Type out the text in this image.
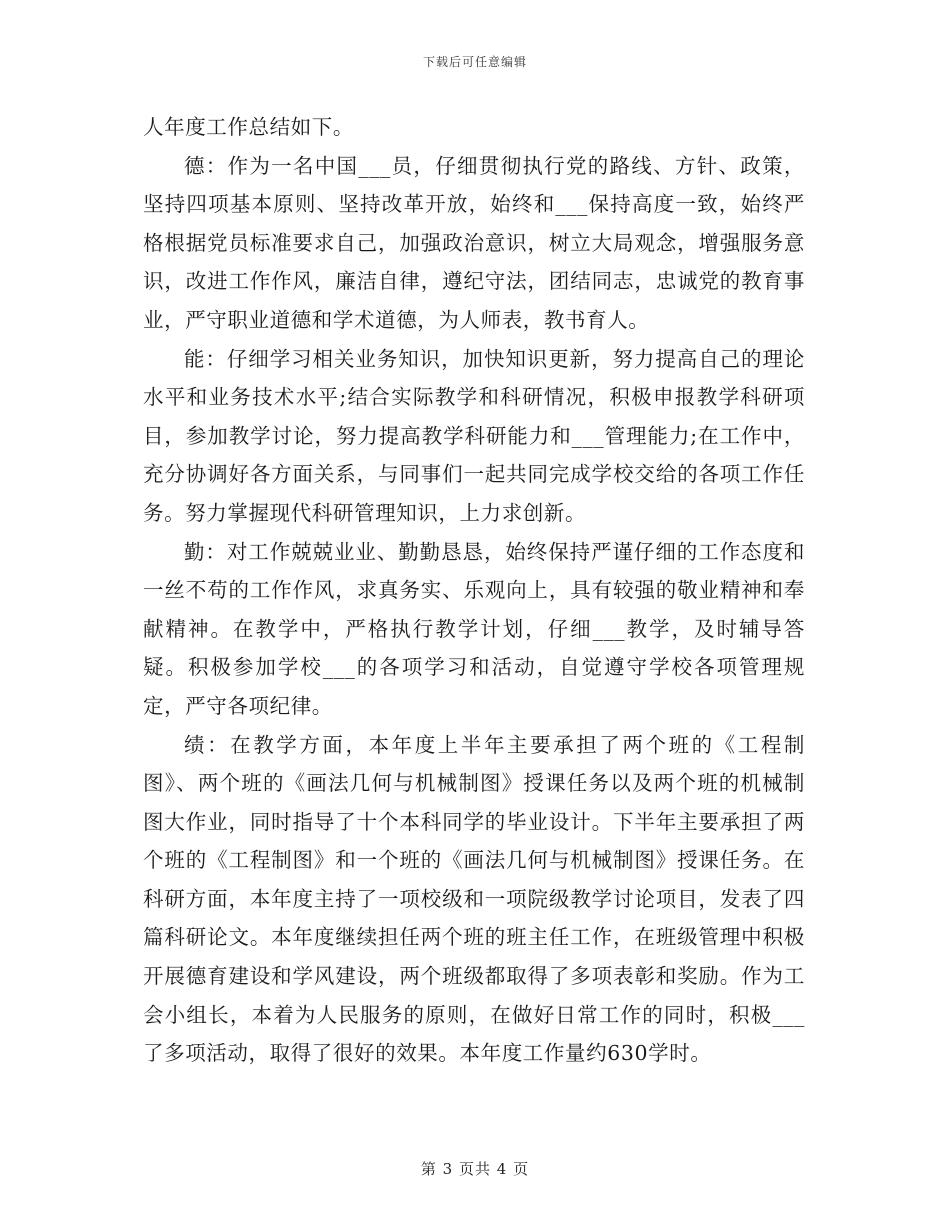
下载后可任意编辑

人年度工作总结如下。

德：作为一名中国___员，仔细贯彻执行党的路线、方针、政策，坚持四项基本原则、坚持改革开放，始终和___保持高度一致，始终严格根据党员标准要求自己，加强政治意识，树立大局观念，增强服务意识，改进工作作风，廉洁自律，遵纪守法，团结同志，忠诚党的教育事业，严守职业道德和学术道德，为人师表，教书育人。

能：仔细学习相关业务知识，加快知识更新，努力提高自己的理论水平和业务技术水平;结合实际教学和科研情况，积极申报教学科研项目，参加教学讨论，努力提高教学科研能力和___管理能力;在工作中，充分协调好各方面关系，与同事们一起共同完成学校交给的各项工作任务。努力掌握现代科研管理知识，上力求创新。

勤：对工作兢兢业业、勤勤恳恳，始终保持严谨仔细的工作态度和一丝不苟的工作作风，求真务实、乐观向上，具有较强的敬业精神和奉献精神。在教学中，严格执行教学计划，仔细___教学，及时辅导答疑。积极参加学校___的各项学习和活动，自觉遵守学校各项管理规定，严守各项纪律。

绩：在教学方面，本年度上半年主要承担了两个班的《工程制图》、两个班的《画法几何与机械制图》授课任务以及两个班的机械制图大作业，同时指导了十个本科同学的毕业设计。下半年主要承担了两个班的《工程制图》和一个班的《画法几何与机械制图》授课任务。在科研方面，本年度主持了一项校级和一项院级教学讨论项目，发表了四篇科研论文。本年度继续担任两个班的班主任工作，在班级管理中积极开展德育建设和学风建设，两个班级都取得了多项表彰和奖励。作为工会小组长，本着为人民服务的原则，在做好日常工作的同时，积极___了多项活动，取得了很好的效果。本年度工作量约630学时。

第 3 页共 4 页
